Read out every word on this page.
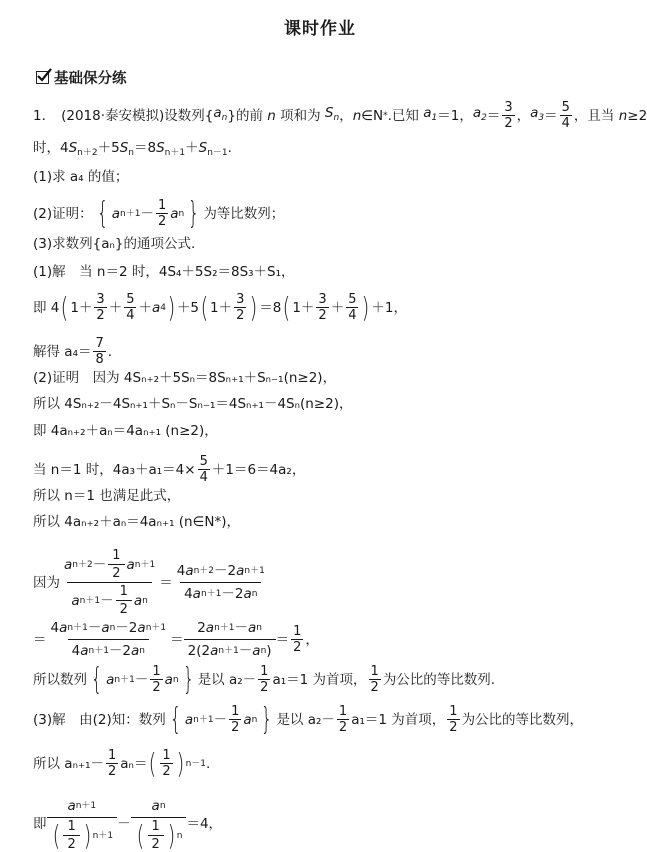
课时作业
基础保分练
1． (2018·泰安模拟) 设数列{ $a_n$ }的前 n 项和为 $S_n$ ， n ∈N * .已知 $a_1 =1$， $a_2 = \frac{3}{2}$ ， $a_3 = \frac{5}{4}$ ，且当 n ≥2
时，$4S_{n+2}+5S_n=8S_{n+1}+S_{n-1}$.
(1)求 a₄ 的值；
(2)证明： { a $n+1 - \frac{1}{2}$ a n } 为等比数列；
(3)求数列{aₙ}的通项公式.
(1)解　当 n＝2 时，4S₄＋5S₂＝8S₃＋S₁，
即 4 ( $1+ \frac{3}{2} + \frac{5}{4} + a$ 4 ) ＋5 ( $1+ \frac{3}{2}$ ) ＝8 ( $1+ \frac{3}{2} + \frac{5}{4}$ ) ＋1，
解得 $a_4= \frac{7}{8}$ .
(2)证明　因为 4Sₙ₊₂＋5Sₙ＝8Sₙ₊₁＋Sₙ₋₁(n≥2)，
所以 4Sₙ₊₂－4Sₙ₊₁＋Sₙ－Sₙ₋₁＝4Sₙ₊₁－4Sₙ(n≥2)，
即 4aₙ₊₂＋aₙ＝4aₙ₊₁ (n≥2)，
当 n＝1 时，$4a_3+a_1=4\times \frac{5}{4} +1=6=4a_2$，
所以 n＝1 也满足此式，
所以 4aₙ₊₂＋aₙ＝4aₙ₊₁ (n∈N*)，
因为 $\frac{a n+2 - \frac{1}{2} a n+1}{a n+1 - \frac{1}{2} a n} = \frac{\text{4 a n＋2 －2 a n＋1}}{\text{4 a n＋1 －2 a n}}$
＝ $\frac{\text{4 a n＋1 － a n －2 a n＋1}}{\text{4 a n＋1 －2 a n}} = \frac{\text{2 a n＋1 － a n}}{\text{2(2 a n＋1 － a n )}} = \frac{1}{2}$ ，
所以数列 { a $n+1 - \frac{1}{2}$ a n } 是以 $a_2- \frac{1}{2} a_1=1$ 为首项， $\frac{1}{2}$ 为公比的等比数列.
(3)解　由(2)知：数列 { a $n+1 - \frac{1}{2}$ a n } 是以 $a_2- \frac{1}{2} a_1=1$ 为首项， $\frac{1}{2}$ 为公比的等比数列，
所以 $a_{n+1}- \frac{1}{2} a_n=$ ( $\frac{1}{2}$ ) n－1 .
即 $\frac{\text{a n＋1}}{( \frac{1}{2} ) n+1} - \frac{\text{a n}}{( \frac{1}{2} ) n} =4$，
